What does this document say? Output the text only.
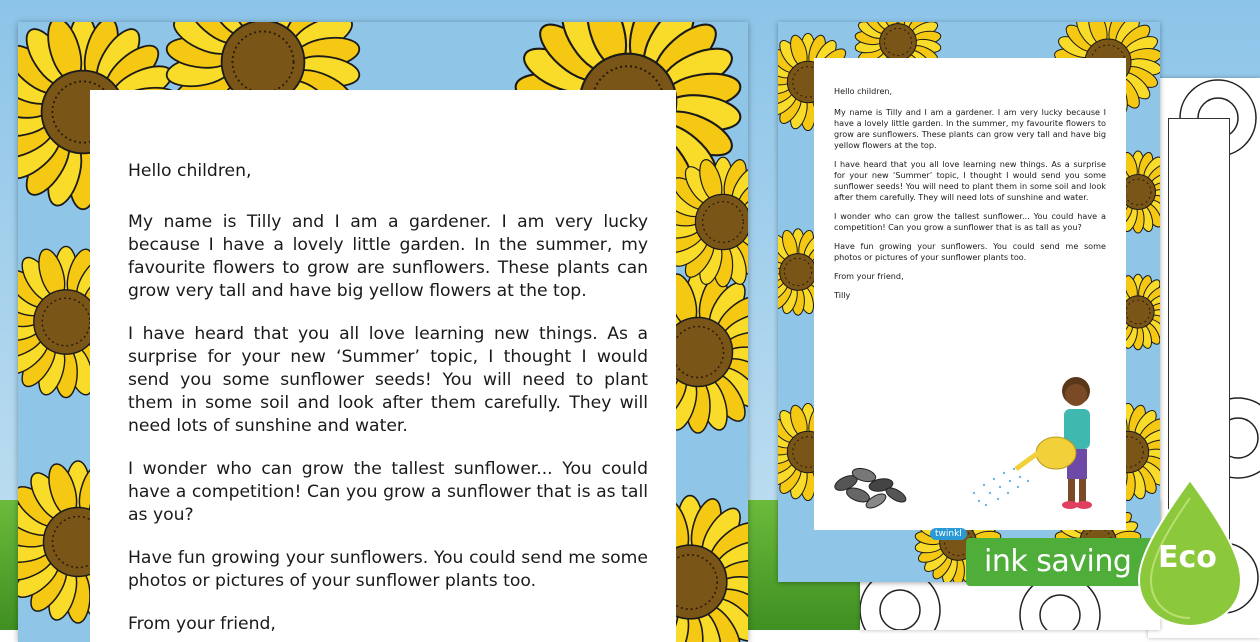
Hello children,

My name is Tilly and I am a gardener. I am very lucky because I have a lovely little garden. In the summer, my favourite flowers to grow are sunflowers. These plants can grow very tall and have big yellow flowers at the top.

I have heard that you all love learning new things. As a surprise for your new ‘Summer’ topic, I thought I would send you some sunflower seeds! You will need to plant them in some soil and look after them carefully. They will need lots of sunshine and water.

I wonder who can grow the tallest sunflower... You could have a competition! Can you grow a sunflower that is as tall as you?

Have fun growing your sunflowers. You could send me some photos or pictures of your sunflower plants too.

From your friend,

Tilly

twinkl

Hello children,

My name is Tilly and I am a gardener. I am very lucky because I have a lovely little garden. In the summer, my favourite flowers to grow are sunflowers. These plants can grow very tall and have big yellow flowers at the top.

I have heard that you all love learning new things. As a surprise for your new ‘Summer’ topic, I thought I would send you some sunflower seeds! You will need to plant them in some soil and look after them carefully. They will need lots of sunshine and water.

I wonder who can grow the tallest sunflower... You could have a competition! Can you grow a sunflower that is as tall as you?

Have fun growing your sunflowers. You could send me some photos or pictures of your sunflower plants too.

From your friend,

ink saving Eco
